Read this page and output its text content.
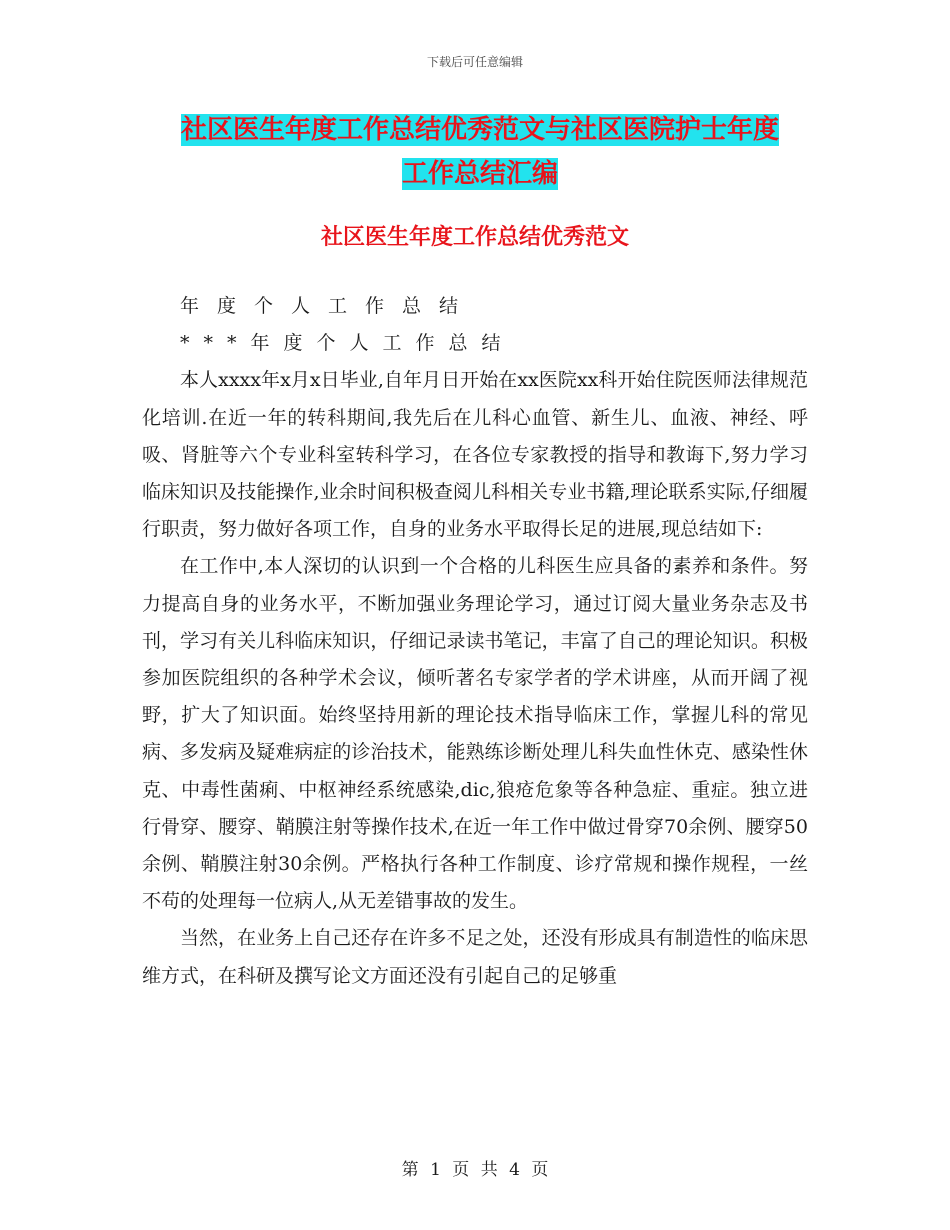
下载后可任意编辑
社区医生年度工作总结优秀范文与社区医院护士年度
工作总结汇编
社区医生年度工作总结优秀范文

年度个人工作总结

***年度个人工作总结

本人xxxx年x月x日毕业,自年月日开始在xx医院xx科开始住院医师法律规范化培训.在近一年的转科期间,我先后在儿科心血管、新生儿、血液、神经、呼吸、肾脏等六个专业科室转科学习，在各位专家教授的指导和教诲下,努力学习临床知识及技能操作,业余时间积极查阅儿科相关专业书籍,理论联系实际,仔细履行职责，努力做好各项工作，自身的业务水平取得长足的进展,现总结如下:

在工作中,本人深切的认识到一个合格的儿科医生应具备的素养和条件。努力提高自身的业务水平，不断加强业务理论学习，通过订阅大量业务杂志及书刊，学习有关儿科临床知识，仔细记录读书笔记，丰富了自己的理论知识。积极参加医院组织的各种学术会议，倾听著名专家学者的学术讲座，从而开阔了视野，扩大了知识面。始终坚持用新的理论技术指导临床工作，掌握儿科的常见病、多发病及疑难病症的诊治技术，能熟练诊断处理儿科失血性休克、感染性休克、中毒性菌痢、中枢神经系统感染,dic,狼疮危象等各种急症、重症。独立进行骨穿、腰穿、鞘膜注射等操作技术,在近一年工作中做过骨穿70余例、腰穿50余例、鞘膜注射30余例。严格执行各种工作制度、诊疗常规和操作规程，一丝不苟的处理每一位病人,从无差错事故的发生。

当然，在业务上自己还存在许多不足之处，还没有形成具有制造性的临床思维方式，在科研及撰写论文方面还没有引起自己的足够重

第 1 页 共 4 页
